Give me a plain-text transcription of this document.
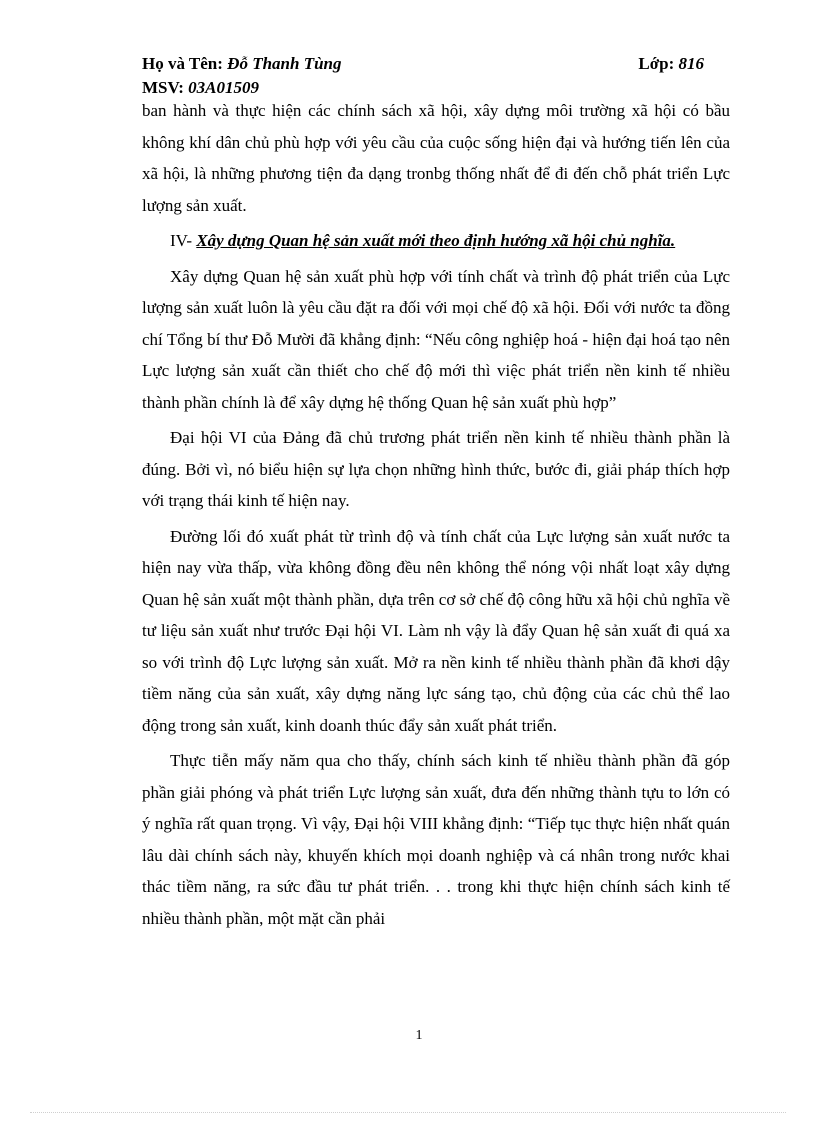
Họ và Tên: Đỗ Thanh Tùng	Lớp: 816
MSV: 03A01509

ban hành và thực hiện các chính sách xã hội, xây dựng môi trường xã hội có bầu không khí dân chủ phù hợp với yêu cầu của cuộc sống hiện đại và hướng tiến lên của xã hội, là những phương tiện đa dạng tronbg thống nhất để đi đến chỗ phát triển Lực lượng sản xuất.

IV- Xây dựng Quan hệ sản xuất mới theo định hướng xã hội chủ nghĩa.

Xây dựng Quan hệ sản xuất phù hợp với tính chất và trình độ phát triển của Lực lượng sản xuất luôn là yêu cầu đặt ra đối với mọi chế độ xã hội. Đối với nước ta đồng chí Tổng bí thư Đỗ Mười đã khẳng định: “Nếu công nghiệp hoá - hiện đại hoá tạo nên Lực lượng sản xuất cần thiết cho chế độ mới thì việc phát triển nền kinh tế nhiều thành phần chính là để xây dựng hệ thống Quan hệ sản xuất phù hợp”

Đại hội VI của Đảng đã chủ trương phát triển nền kinh tế nhiều thành phần là đúng. Bởi vì, nó biểu hiện sự lựa chọn những hình thức, bước đi, giải pháp thích hợp với trạng thái kinh tế hiện nay.

Đường lối đó xuất phát từ trình độ và tính chất của Lực lượng sản xuất nước ta hiện nay vừa thấp, vừa không đồng đều nên không thể nóng vội nhất loạt xây dựng Quan hệ sản xuất một thành phần, dựa trên cơ sở chế độ công hữu xã hội chủ nghĩa về tư liệu sản xuất như trước Đại hội VI. Làm nh vậy là đẩy Quan hệ sản xuất đi quá xa so với trình độ Lực lượng sản xuất. Mở ra nền kinh tế nhiều thành phần đã khơi dậy tiềm năng của sản xuất, xây dựng năng lực sáng tạo, chủ động của các chủ thể lao động trong sản xuất, kinh doanh thúc đẩy sản xuất phát triển.

Thực tiễn mấy năm qua cho thấy, chính sách kinh tế nhiều thành phần đã góp phần giải phóng và phát triển Lực lượng sản xuất, đưa đến những thành tựu to lớn có ý nghĩa rất quan trọng. Vì vậy, Đại hội VIII khẳng định: “Tiếp tục thực hiện nhất quán lâu dài chính sách này, khuyến khích mọi doanh nghiệp và cá nhân trong nước khai thác tiềm năng, ra sức đầu tư phát triển. . . trong khi thực hiện chính sách kinh tế nhiều thành phần, một mặt cần phải

1
